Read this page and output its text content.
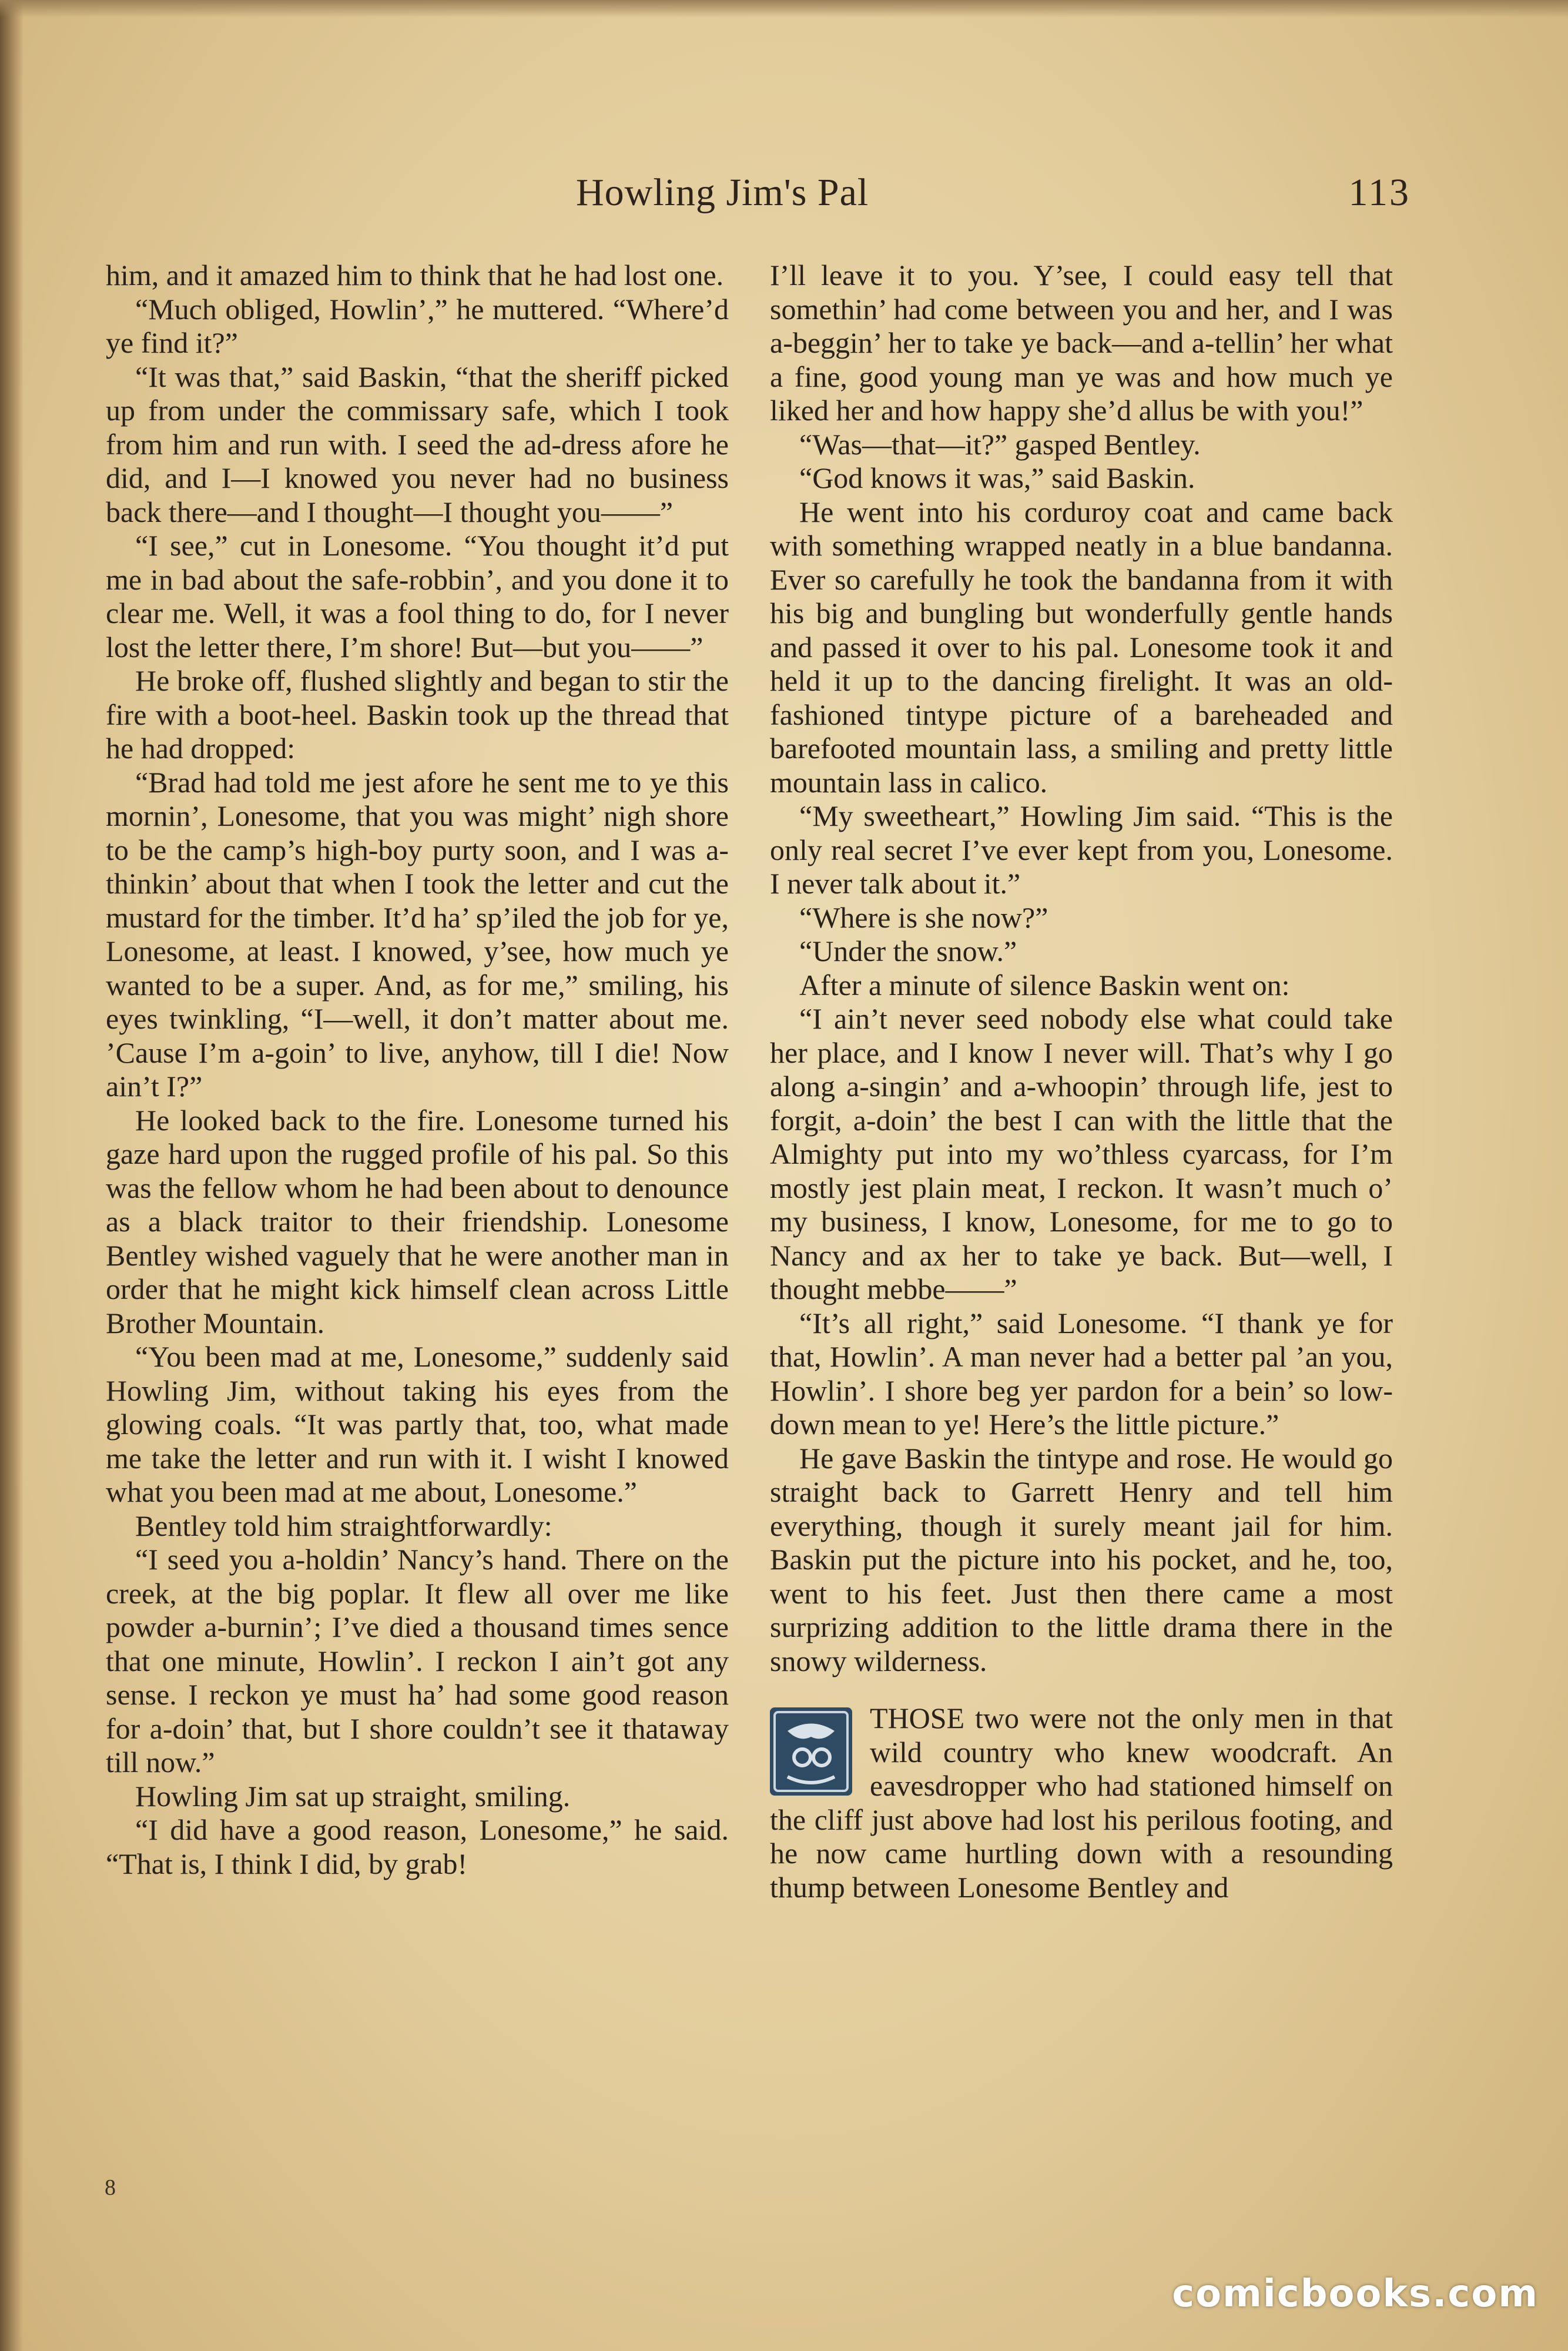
Howling Jim's Pal	113

him, and it amazed him to think that he had lost one.

“Much obliged, Howlin’,” he muttered. “Where’d ye find it?”

“It was that,” said Baskin, “that the sheriff picked up from under the commissary safe, which I took from him and run with. I seed the ad-dress afore he did, and I—I knowed you never had no business back there—and I thought—I thought you——”

“I see,” cut in Lonesome. “You thought it’d put me in bad about the safe-robbin’, and you done it to clear me. Well, it was a fool thing to do, for I never lost the letter there, I’m shore! But—but you——”

He broke off, flushed slightly and began to stir the fire with a boot-heel. Baskin took up the thread that he had dropped:

“Brad had told me jest afore he sent me to ye this mornin’, Lonesome, that you was might’ nigh shore to be the camp’s high-boy purty soon, and I was a-thinkin’ about that when I took the letter and cut the mustard for the timber. It’d ha’ sp’iled the job for ye, Lonesome, at least. I knowed, y’see, how much ye wanted to be a super. And, as for me,” smiling, his eyes twinkling, “I—well, it don’t matter about me. ’Cause I’m a-goin’ to live, anyhow, till I die! Now ain’t I?”

He looked back to the fire. Lonesome turned his gaze hard upon the rugged profile of his pal. So this was the fellow whom he had been about to denounce as a black traitor to their friendship. Lonesome Bentley wished vaguely that he were another man in order that he might kick himself clean across Little Brother Mountain.

“You been mad at me, Lonesome,” suddenly said Howling Jim, without taking his eyes from the glowing coals. “It was partly that, too, what made me take the letter and run with it. I wisht I knowed what you been mad at me about, Lonesome.”

Bentley told him straightforwardly:

“I seed you a-holdin’ Nancy’s hand. There on the creek, at the big poplar. It flew all over me like powder a-burnin’; I’ve died a thousand times sence that one minute, Howlin’. I reckon I ain’t got any sense. I reckon ye must ha’ had some good reason for a-doin’ that, but I shore couldn’t see it thataway till now.”

Howling Jim sat up straight, smiling.

“I did have a good reason, Lonesome,” he said. “That is, I think I did, by grab!

I’ll leave it to you. Y’see, I could easy tell that somethin’ had come between you and her, and I was a-beggin’ her to take ye back—and a-tellin’ her what a fine, good young man ye was and how much ye liked her and how happy she’d allus be with you!”

“Was—that—it?” gasped Bentley.

“God knows it was,” said Baskin.

He went into his corduroy coat and came back with something wrapped neatly in a blue bandanna. Ever so carefully he took the bandanna from it with his big and bungling but wonderfully gentle hands and passed it over to his pal. Lonesome took it and held it up to the dancing firelight. It was an old-fashioned tintype picture of a bareheaded and barefooted mountain lass, a smiling and pretty little mountain lass in calico.

“My sweetheart,” Howling Jim said. “This is the only real secret I’ve ever kept from you, Lonesome. I never talk about it.”

“Where is she now?”

“Under the snow.”

After a minute of silence Baskin went on:

“I ain’t never seed nobody else what could take her place, and I know I never will. That’s why I go along a-singin’ and a-whoopin’ through life, jest to forgit, a-doin’ the best I can with the little that the Almighty put into my wo’thless cyarcass, for I’m mostly jest plain meat, I reckon. It wasn’t much o’ my business, I know, Lonesome, for me to go to Nancy and ax her to take ye back. But—well, I thought mebbe——”

“It’s all right,” said Lonesome. “I thank ye for that, Howlin’. A man never had a better pal ’an you, Howlin’. I shore beg yer pardon for a bein’ so low-down mean to ye! Here’s the little picture.”

He gave Baskin the tintype and rose. He would go straight back to Garrett Henry and tell him everything, though it surely meant jail for him. Baskin put the picture into his pocket, and he, too, went to his feet. Just then there came a most surprizing addition to the little drama there in the snowy wilderness.

THOSE two were not the only men in that wild country who knew woodcraft. An eavesdropper who had stationed himself on the cliff just above had lost his perilous footing, and he now came hurtling down with a resounding thump between Lonesome Bentley and

8
comicbooks.com
